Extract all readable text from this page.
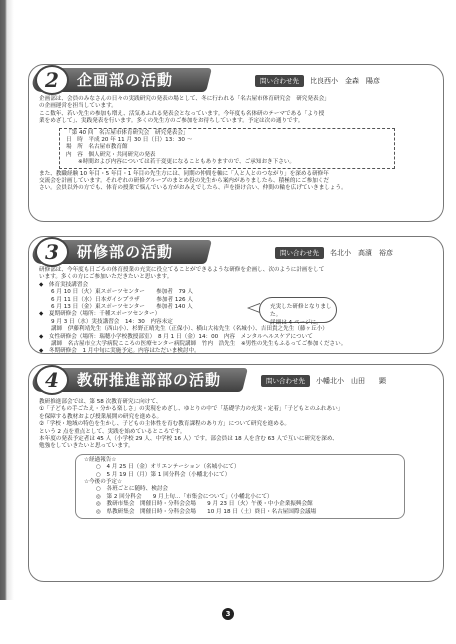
2	企画部の活動	問い合わせ先 比良西小　金森　陽彦

企画部は、会員のみなさんの日々の実践研究の発表の場として、冬に行われる「名古屋市体育研究会　研究発表会」

の企画運営を担当しています。

ここ数年、若い先生の参加も増え、活気あふれる発表会となっています。今年度も名体研のテーマである「より授

業をめざして」、実践発表を行います。多くの先生方のご参加をお待ちしています。予定は次の通りです。

「第 40 回　名古屋市体育研究会　研究発表会」

日　時　平成 20 年 11 月 30 日（日）13：30 ～

場　所　名古屋市教育館

内　容　個人研究・共同研究の発表

※時間および内容については若干変更になることもありますので、ご承知おき下さい。

また、教職経験 10 年目・5 年目・1 年目の先生方には、同期の仲間を軸に「人と人とのつながり」を深める研修年

交流会を計画しています。それぞれの研修グループのまとめ役の先生から案内がありましたら、積極的にご参加くだ

さい。会員以外の方でも、体育の授業で悩んでいる方がおみえでしたら、声を掛け合い、仲間の輪を広げていきましょう。

3	研修部の活動	問い合わせ先 名北小　高濱　裕彦

研修部は、今年度も日ごろの体育授業の充実に役立てることができるような研修を企画し、次のように計画をして

います。多くの方にご参加いただきたいと思います。

◆　体育実技講習会

6 月 10 日（火）東スポーツセンター　　参加者　79 人

6 月 11 日（水）日本ガイシプラザ　　　参加者 126 人

6 月 13 日（金）東スポーツセンター　　参加者 140 人

◆　夏期研修会（場所：千種スポーツセンター）

9 月 3 日（水）実技講習会　14：30　内容未定

講師　伊藤利靖先生（西山小）、杉野正晴先生（正保小）、横山大祐先生（名城小）、吉田貴之先生（藤ヶ丘小）

◆　女性研修会（場所：瑞穂小学校教授部室）　8 月 1 日（金）14：00　内容　メンタルヘルスケアについて

講師　名古屋市立大学病院こころの医療センター病院講師　竹内　浩先生　※男性の先生もふるってご参加ください。

◆　冬期研修会　1 月中旬に実施予定。内容はただいま検討中。

充実した研修となりました。
詳細は 4 ページに。
4	教研推進部部の活動	問い合わせ先 小幡北小　山田　　顕

教研推進部会では、第 58 次教育研究に向けて、

①「子どもの手ごたえ・分かる楽しさ」の実現をめざし、ゆとりの中で「基礎学力の充実・定着」「子どもとのふれあい」

を保障する教材および授業展開の研究を進める。

②「学校・地域の特色を生かし、子どもの主体性を育む教育課程のあり方」について研究を進める。

という 2 点を重点として、実践を始めているところです。

本年度の発表予定者は 45 人（小学校 29 人、中学校 16 人）です。部会員は 18 人を含む 63 人で互いに研究を深め、

勉強をしていきたいと思っています。

☆経過報告☆

○　4 月 25 日（金）オリエンテーション（名城小にて）

○　5 月 19 日（月）第 1 回分科会（小幡北小にて）

☆今後の予定☆

○　各班ごとに随時、検討会

◎　第 2 回分科会　　9 月上旬…「市集会について」（小幡北小にて）

◎　教研市集会　開催日時・分科会会場　　9 月 23 日（火）午後・中小企業振興会館

◎　県教研集会　開催日時・分科会会場　　10 月 18 日（土）終日・名古屋国際会議場

3
